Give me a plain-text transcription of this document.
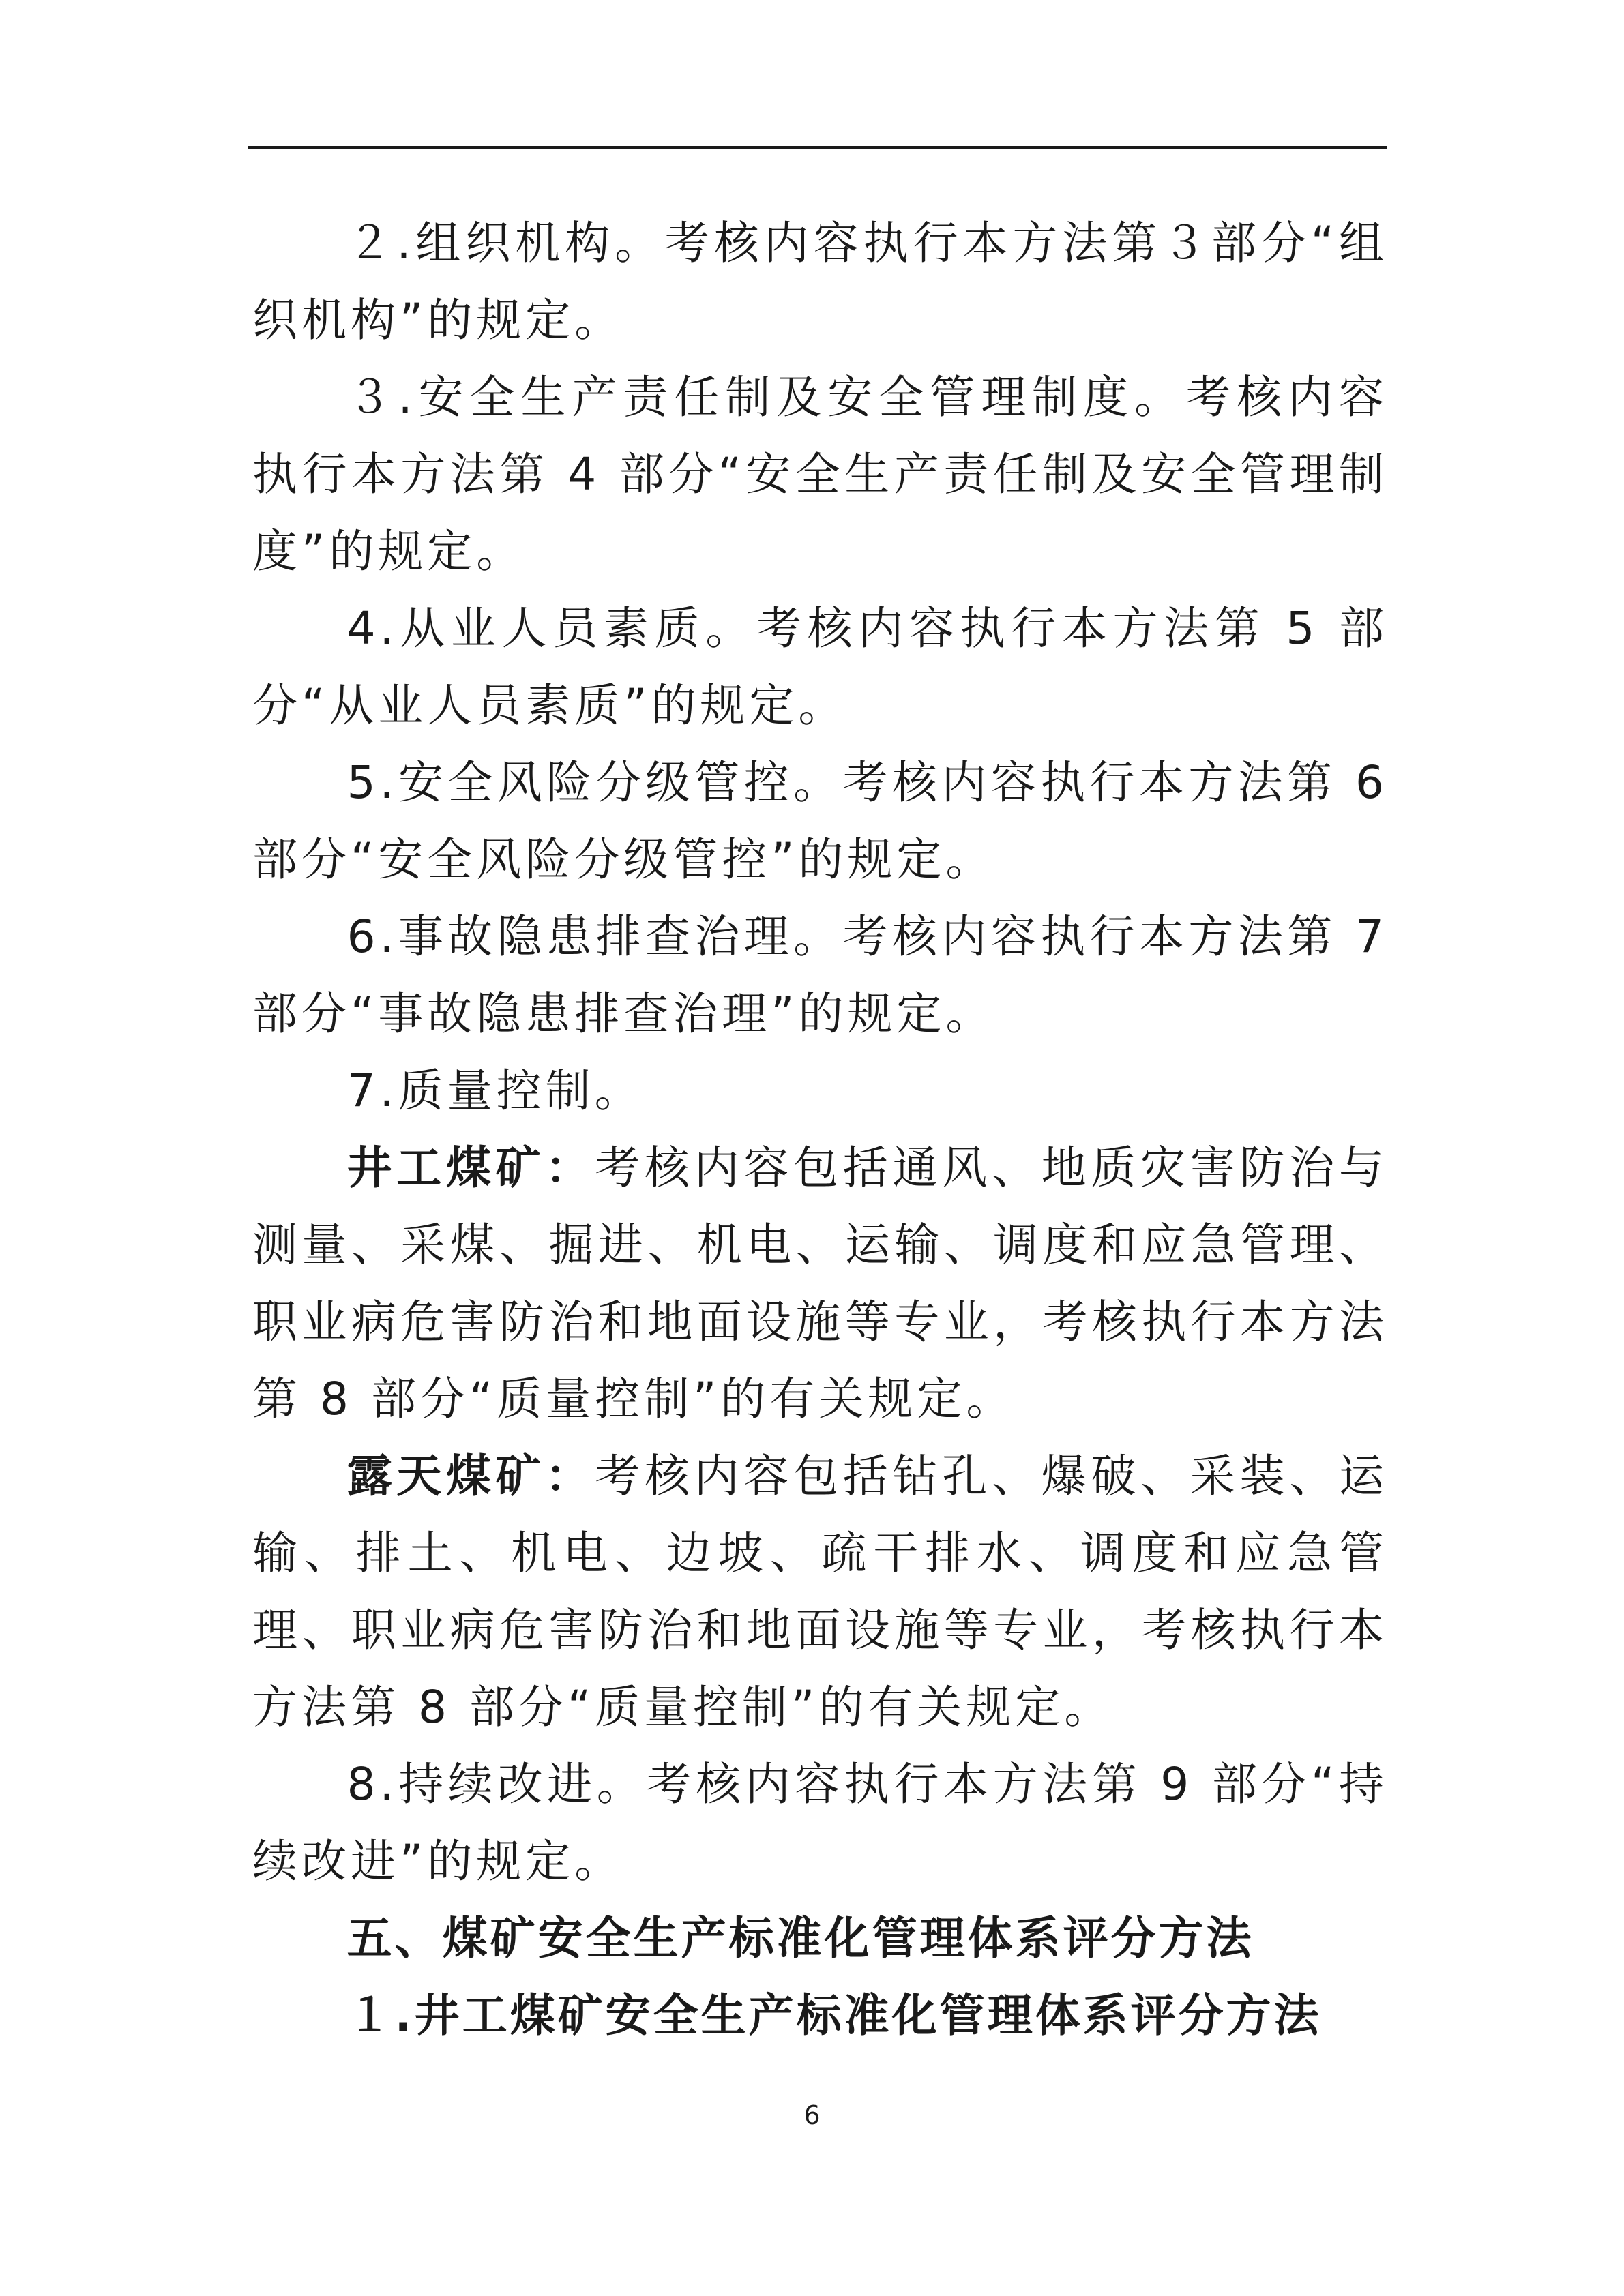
２.组织机构。考核内容执行本方法第３部分“组织机构”的规定。

３.安全生产责任制及安全管理制度。考核内容执行本方法第 4 部分“安全生产责任制及安全管理制度”的规定。

4.从业人员素质。考核内容执行本方法第 5 部分“从业人员素质”的规定。

5.安全风险分级管控。考核内容执行本方法第 6 部分“安全风险分级管控”的规定。

6.事故隐患排查治理。考核内容执行本方法第 7 部分“事故隐患排查治理”的规定。

7.质量控制。

井工煤矿：考核内容包括通风、地质灾害防治与测量、采煤、掘进、机电、运输、调度和应急管理、职业病危害防治和地面设施等专业，考核执行本方法第 8 部分“质量控制”的有关规定。

露天煤矿：考核内容包括钻孔、爆破、采装、运输、排土、机电、边坡、疏干排水、调度和应急管理、职业病危害防治和地面设施等专业，考核执行本方法第 8 部分“质量控制”的有关规定。

8.持续改进。考核内容执行本方法第 9 部分“持续改进”的规定。

五、煤矿安全生产标准化管理体系评分方法

１.井工煤矿安全生产标准化管理体系评分方法

6
